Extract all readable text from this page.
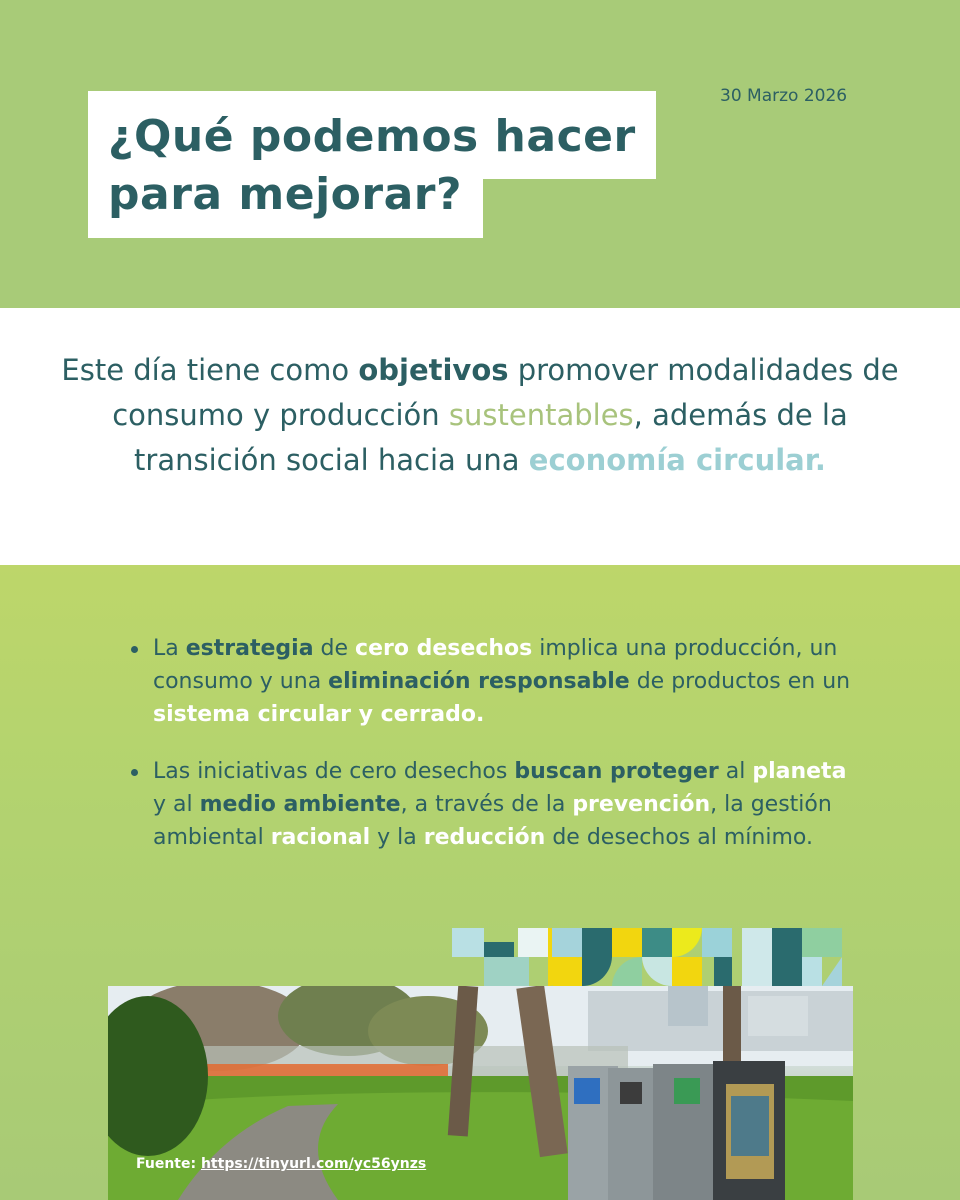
¿Qué podemos hacer
para mejorar?
30 Marzo 2026

Este día tiene como objetivos promover modalidades de consumo y producción sustentables, además de la transición social hacia una economía circular.

La estrategia de cero desechos implica una producción, un consumo y una eliminación responsable de productos en un sistema circular y cerrado.
Las iniciativas de cero desechos buscan proteger al planeta y al medio ambiente, a través de la prevención, la gestión ambiental racional y la reducción de desechos al mínimo.
Fuente: https://tinyurl.com/yc56ynzs
